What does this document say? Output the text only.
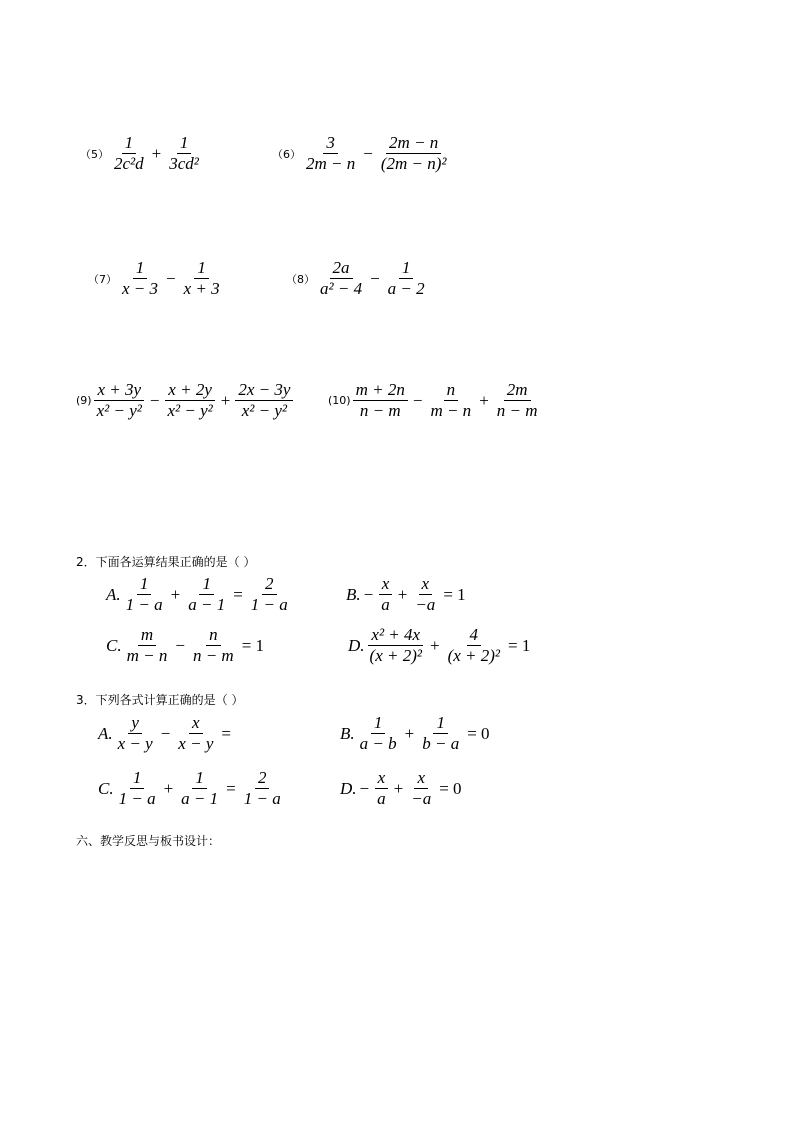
$(5) \frac{1}{\text{2c²d}} + \frac{1}{\text{3cd²}}$	$(6) \frac{3}{2m - n} - \frac{2m - n}{\text{(2m − n)²}}$
$(7) \frac{1}{x - 3} - \frac{1}{x + 3}$	$(8) \frac{2a}{\text{a² − 4}} - \frac{1}{a - 2}$
$(9) \frac{x + 3y}{\text{x² − y²}} - \frac{x + 2y}{\text{x² − y²}} + \frac{2x - 3y}{\text{x² − y²}}$	$(10) \frac{m + 2n}{n - m} - \frac{n}{m - n} + \frac{2m}{n - m}$
2．下面各运算结果正确的是（ ）
A. $\frac{1}{1 - a} + \frac{1}{a - 1} = \frac{2}{1 - a}$	B. − $\frac{x}{a} + \frac{x}{-a} = 1$
C. $\frac{m}{m - n} - \frac{n}{n - m} = 1$	D. $\frac{\text{x² + 4x}}{\text{(x + 2)²}} + \frac{4}{\text{(x + 2)²}} = 1$
3．下列各式计算正确的是（ ）
A. $\frac{y}{x - y} - \frac{x}{x - y}$ =	B. $\frac{1}{a - b} + \frac{1}{b - a} = 0$
C. $\frac{1}{1 - a} + \frac{1}{a - 1} = \frac{2}{1 - a}$	D. − $\frac{x}{a} + \frac{x}{-a} = 0$
六、教学反思与板书设计：
